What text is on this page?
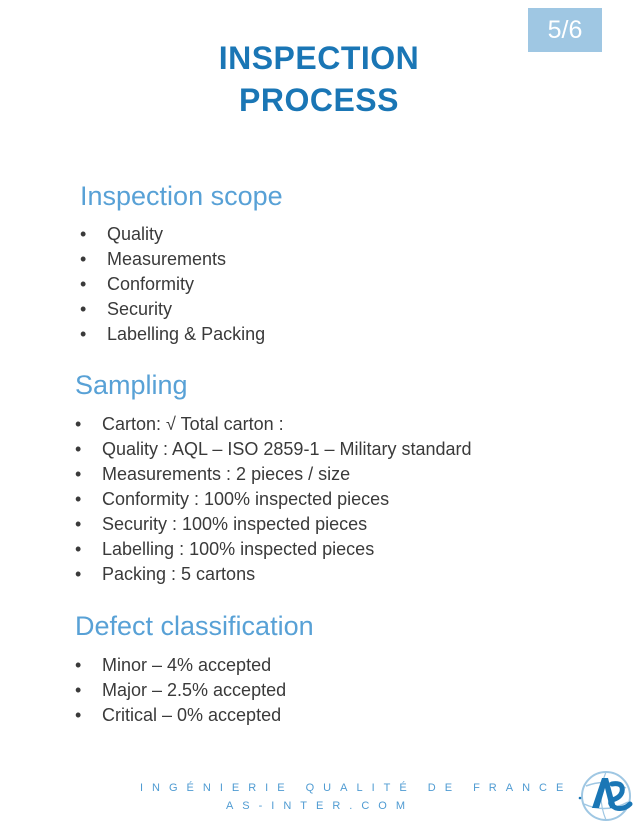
5/6
INSPECTION
PROCESS
Inspection scope
• Quality
• Measurements
• Conformity
• Security
• Labelling & Packing
Sampling
• Carton: √ Total carton :
• Quality : AQL – ISO 2859-1 – Military standard
• Measurements : 2 pieces / size
• Conformity : 100% inspected pieces
• Security : 100% inspected pieces
• Labelling : 100% inspected pieces
• Packing : 5 cartons
Defect classification
• Minor – 4% accepted
• Major – 2.5% accepted
• Critical – 0% accepted
INGÉNIERIE QUALITÉ DE FRANCE
AS-INTER.COM
